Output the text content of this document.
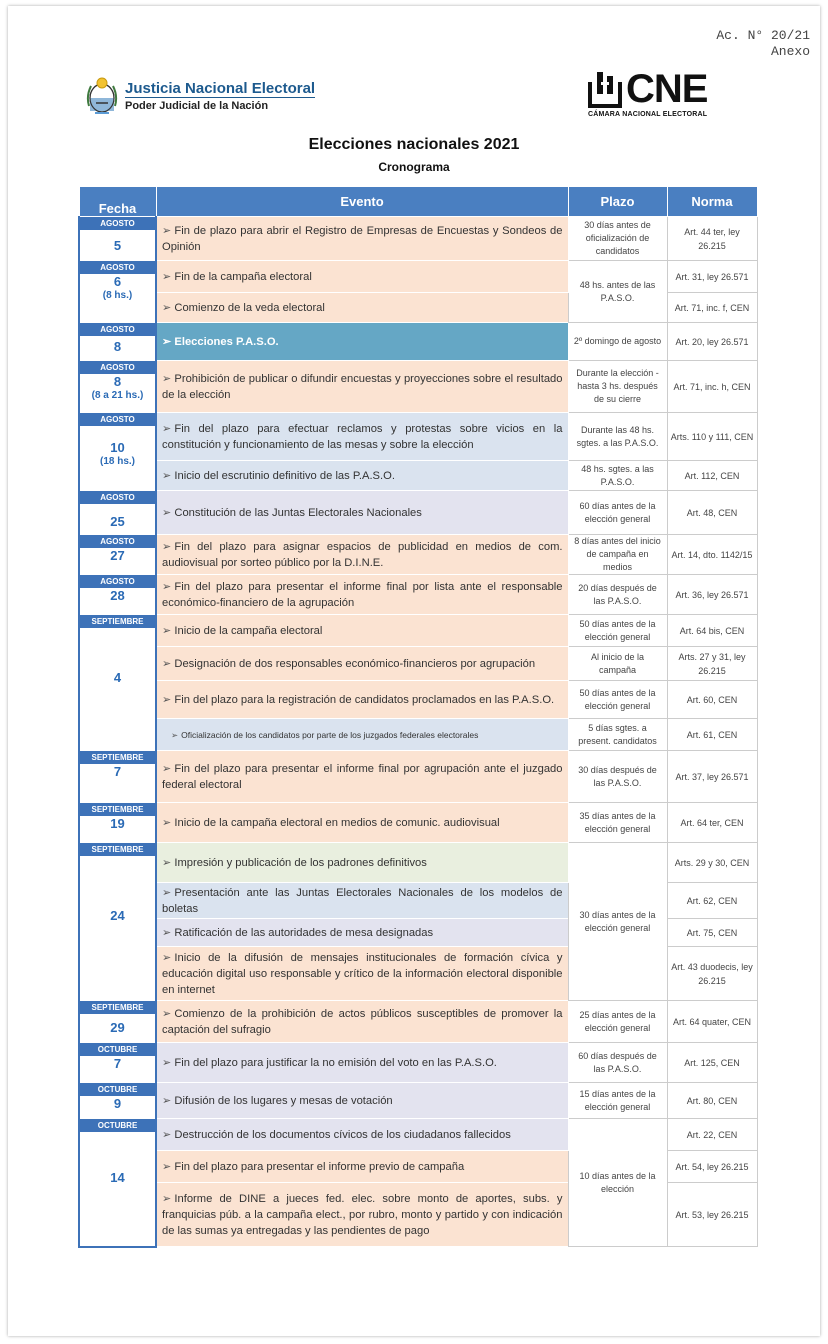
Ac. N° 20/21
Anexo
Justicia Nacional Electoral
Poder Judicial de la Nación	CNE
CÁMARA NACIONAL ELECTORAL
Elecciones nacionales 2021
Cronograma
Fecha	Evento	Plazo	Norma

AGOSTO
5	➢ Fin de plazo para abrir el Registro de Empresas de Encuestas y Sondeos de Opinión	30 días antes de oficialización de candidatos	Art. 44 ter, ley 26.215

AGOSTO
6
(8 hs.)	➢ Fin de la campaña electoral	48 hs. antes de las P.A.S.O.	Art. 31, ley 26.571
	➢ Comienzo de la veda electoral		Art. 71, inc. f, CEN

AGOSTO
8	➢ Elecciones P.A.S.O.	2º domingo de agosto	Art. 20, ley 26.571

AGOSTO
8
(8 a 21 hs.)	➢ Prohibición de publicar o difundir encuestas y proyecciones sobre el resultado de la elección	Durante la elección - hasta 3 hs. después de su cierre	Art. 71, inc. h, CEN

AGOSTO
10
(18 hs.)	➢ Fin del plazo para efectuar reclamos y protestas sobre vicios en la constitución y funcionamiento de las mesas y sobre la elección	Durante las 48 hs. sgtes. a las P.A.S.O.	Arts. 110 y 111, CEN
	➢ Inicio del escrutinio definitivo de las P.A.S.O.	48 hs. sgtes. a las P.A.S.O.	Art. 112, CEN

AGOSTO
25	➢ Constitución de las Juntas Electorales Nacionales	60 días antes de la elección general	Art. 48, CEN

AGOSTO
27	➢ Fin del plazo para asignar espacios de publicidad en medios de com. audiovisual por sorteo público por la D.I.N.E.	8 días antes del inicio de campaña en medios	Art. 14, dto. 1142/15

AGOSTO
28	➢ Fin del plazo para presentar el informe final por lista ante el responsable económico-financiero de la agrupación	20 días después de las P.A.S.O.	Art. 36, ley 26.571

SEPTIEMBRE
4	➢ Inicio de la campaña electoral	50 días antes de la elección general	Art. 64 bis, CEN
	➢ Designación de dos responsables económico-financieros por agrupación	Al inicio de la campaña	Arts. 27 y 31, ley 26.215
	➢ Fin del plazo para la registración de candidatos proclamados en las P.A.S.O.	50 días antes de la elección general	Art. 60, CEN
	➢ Oficialización de los candidatos por parte de los juzgados federales electorales	5 días sgtes. a present. candidatos	Art. 61, CEN

SEPTIEMBRE
7	➢ Fin del plazo para presentar el informe final por agrupación ante el juzgado federal electoral	30 días después de las P.A.S.O.	Art. 37, ley 26.571

SEPTIEMBRE
19	➢ Inicio de la campaña electoral en medios de comunic. audiovisual	35 días antes de la elección general	Art. 64 ter, CEN

SEPTIEMBRE
24	➢ Impresión y publicación de los padrones definitivos	30 días antes de la elección general	Arts. 29 y 30, CEN
	➢ Presentación ante las Juntas Electorales Nacionales de los modelos de boletas		Art. 62, CEN
	➢ Ratificación de las autoridades de mesa designadas		Art. 75, CEN
	➢ Inicio de la difusión de mensajes institucionales de formación cívica y educación digital uso responsable y crítico de la información electoral disponible en internet		Art. 43 duodecis, ley 26.215

SEPTIEMBRE
29	➢ Comienzo de la prohibición de actos públicos susceptibles de promover la captación del sufragio	25 días antes de la elección general	Art. 64 quater, CEN

OCTUBRE
7	➢ Fin del plazo para justificar la no emisión del voto en las P.A.S.O.	60 días después de las P.A.S.O.	Art. 125, CEN

OCTUBRE
9	➢ Difusión de los lugares y mesas de votación	15 días antes de la elección general	Art. 80, CEN

OCTUBRE
14	➢ Destrucción de los documentos cívicos de los ciudadanos fallecidos	10 días antes de la elección	Art. 22, CEN
	➢ Fin del plazo para presentar el informe previo de campaña		Art. 54, ley 26.215
	➢ Informe de DINE a jueces fed. elec. sobre monto de aportes, subs. y franquicias púb. a la campaña elect., por rubro, monto y partido y con indicación de las sumas ya entregadas y las pendientes de pago		Art. 53, ley 26.215
